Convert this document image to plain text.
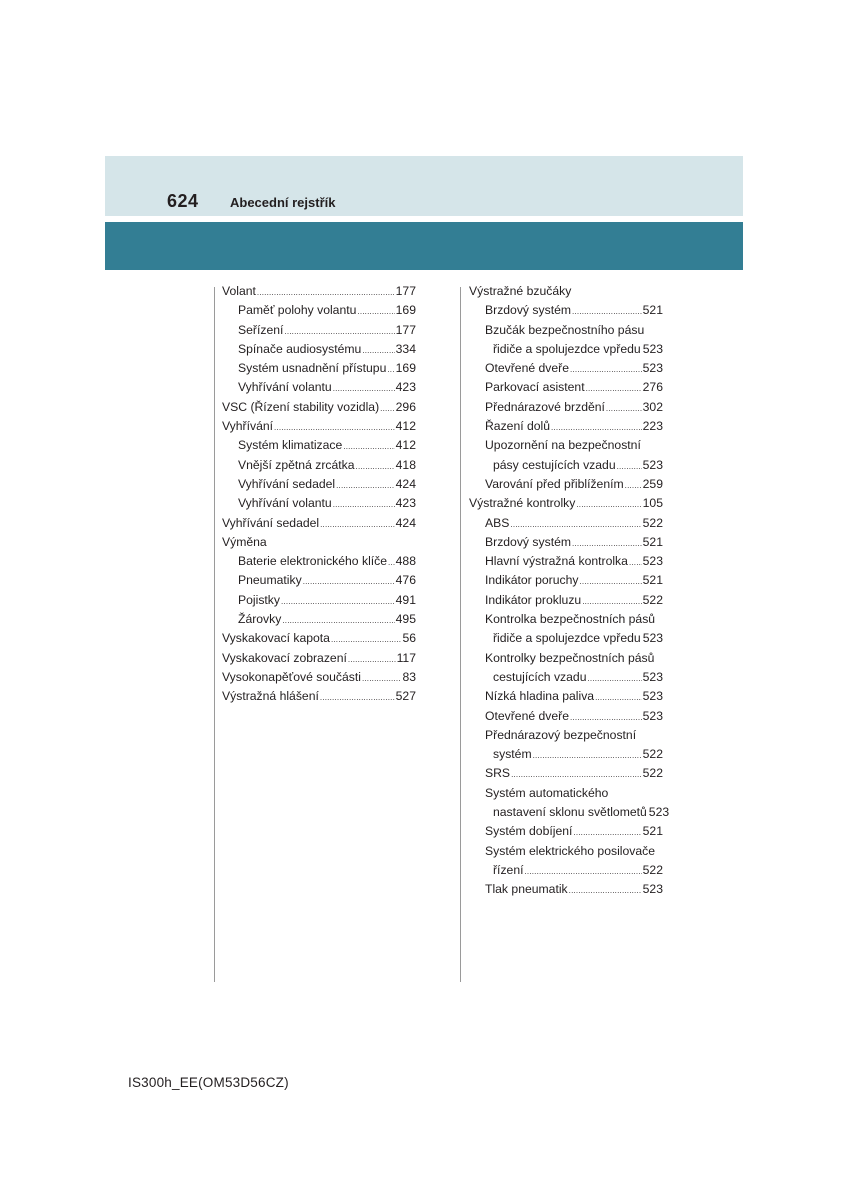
624 Abecední rejstřík
Volant .....	177
Paměť polohy volantu .....	169
Seřízení .....	177
Spínače audiosystému .....	334
Systém usnadnění přístupu ..... 169
Vyhřívání volantu .....	423
VSC (Řízení stability vozidla) ..... 296
Vyhřívání .....	412
Systém klimatizace .....	412
Vnější zpětná zrcátka .....	418
Vyhřívání sedadel .....	424
Vyhřívání volantu .....	423
Vyhřívání sedadel .....	424
Výměna
Baterie elektronického klíče ..... 488
Pneumatiky .....	476
Pojistky .....	491
Žárovky .....	495
Vyskakovací kapota .....	56
Vyskakovací zobrazení .....	117
Vysokonapěťové součásti .....	83
Výstražná hlášení .....	527
Výstražné bzučáky
Brzdový systém .....	521
Bzučák bezpečnostního pásu
řidiče a spolujezdce vpředu 523
Otevřené dveře .....	523
Parkovací asistent .....	276
Přednárazové brzdění .....	302
Řazení dolů .....	223
Upozornění na bezpečnostní
pásy cestujících vzadu ..... 523
Varování před přiblížením ..... 259
Výstražné kontrolky .....	105
ABS .....	522
Brzdový systém .....	521
Hlavní výstražná kontrolka ..... 523
Indikátor poruchy .....	521
Indikátor prokluzu .....	522
Kontrolka bezpečnostních pásů
řidiče a spolujezdce vpředu 523
Kontrolky bezpečnostních pásů
cestujících vzadu .....	523
Nízká hladina paliva .....	523
Otevřené dveře .....	523
Přednárazový bezpečnostní
systém .....	522
SRS .....	522
Systém automatického
nastavení sklonu světlometů 523
Systém dobíjení .....	521
Systém elektrického posilovače
řízení .....	522
Tlak pneumatik .....	523
IS300h_EE(OM53D56CZ)
